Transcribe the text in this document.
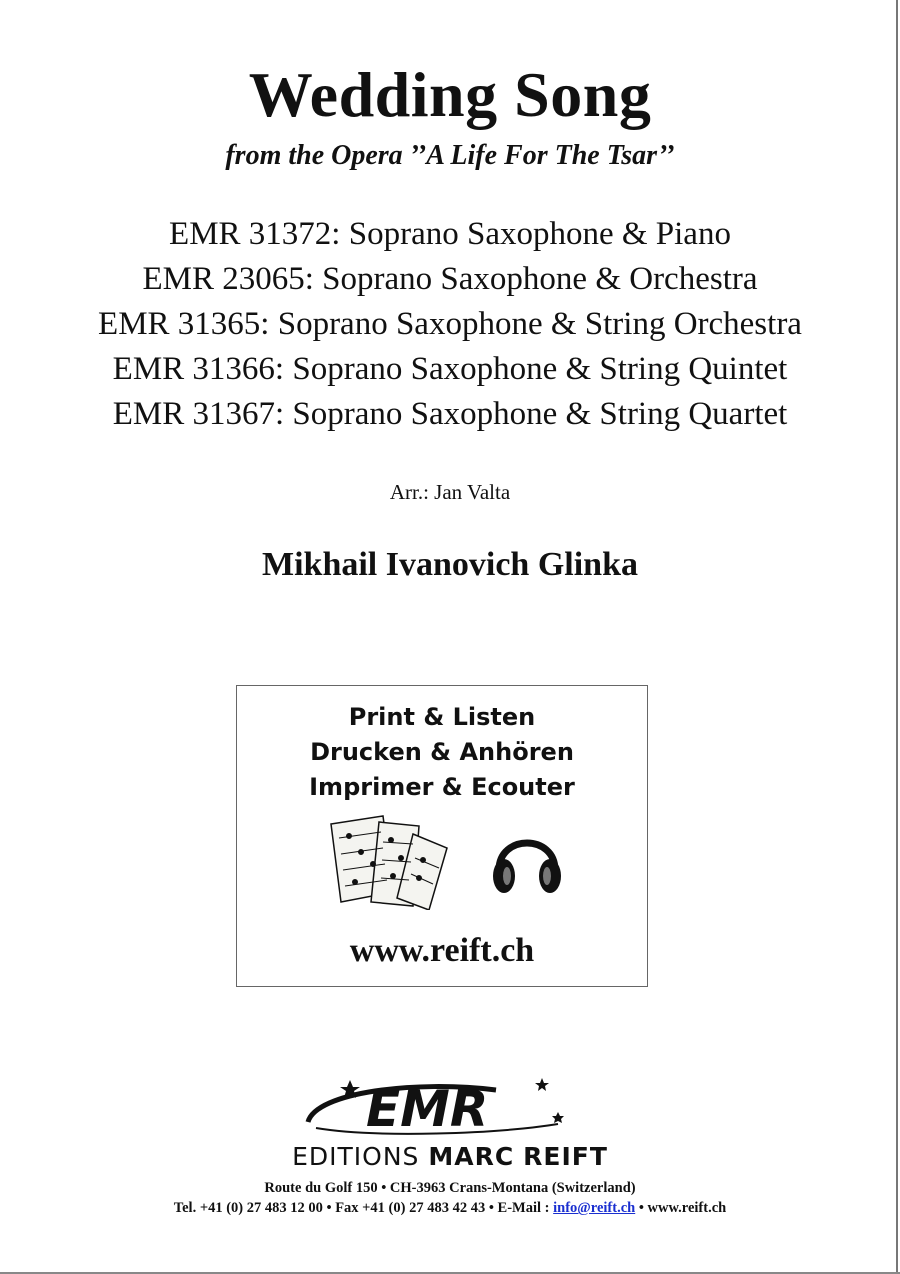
Wedding Song
from the Opera ’’A Life For The Tsar’’
EMR 31372: Soprano Saxophone & Piano
EMR 23065: Soprano Saxophone & Orchestra
EMR 31365: Soprano Saxophone & String Orchestra
EMR 31366: Soprano Saxophone & String Quintet
EMR 31367: Soprano Saxophone & String Quartet
Arr.: Jan Valta
Mikhail Ivanovich Glinka
Print & Listen
Drucken & Anhören
Imprimer & Ecouter
www.reift.ch
EMR
EDITIONS MARC REIFT
Route du Golf 150 • CH-3963 Crans-Montana (Switzerland)
Tel. +41 (0) 27 483 12 00 • Fax +41 (0) 27 483 42 43 • E-Mail : info@reift.ch • www.reift.ch
